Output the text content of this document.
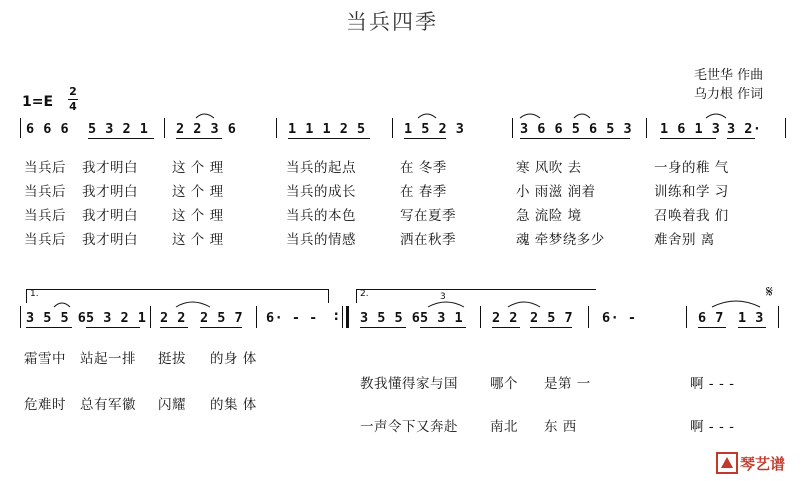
当兵四季
毛世华 作曲
乌力根 作词
1=E
2
4
6 6 6 5 3 2 1 2 2 3 6	1 1 1 2 5	1 5 2 3	3 6 6 5 6 5 3 1 6 1 3 3 2·
当兵后 我才明白	这 个 理	当兵的起点	在 冬季	寒 风吹 去	一身的稚 气
当兵后 我才明白	这 个 理	当兵的成长	在 春季	小 雨滋 润着	训练和学 习
当兵后 我才明白	这 个 理	当兵的本色	写在夏季	急 流险 境	召唤着我 们
当兵后 我才明白	这 个 理	当兵的情感	洒在秋季	魂 牵梦绕多少	难舍别 离
1.	2.
3 5 5 6 5 3 2 1 2 2 2 5 7 6· - - : 3 5 5 6 5 3 1 2 2 2 5 7 6· -	6 7 1 3
𝄋
3
霜雪中 站起一排 挺拔 的身 体
危难时 总有军徽 闪耀 的集 体
教我懂得家与国 哪个 是第 一	啊 - - -
一声令下又奔赴 南北 东 西	啊 - - -
琴艺谱
